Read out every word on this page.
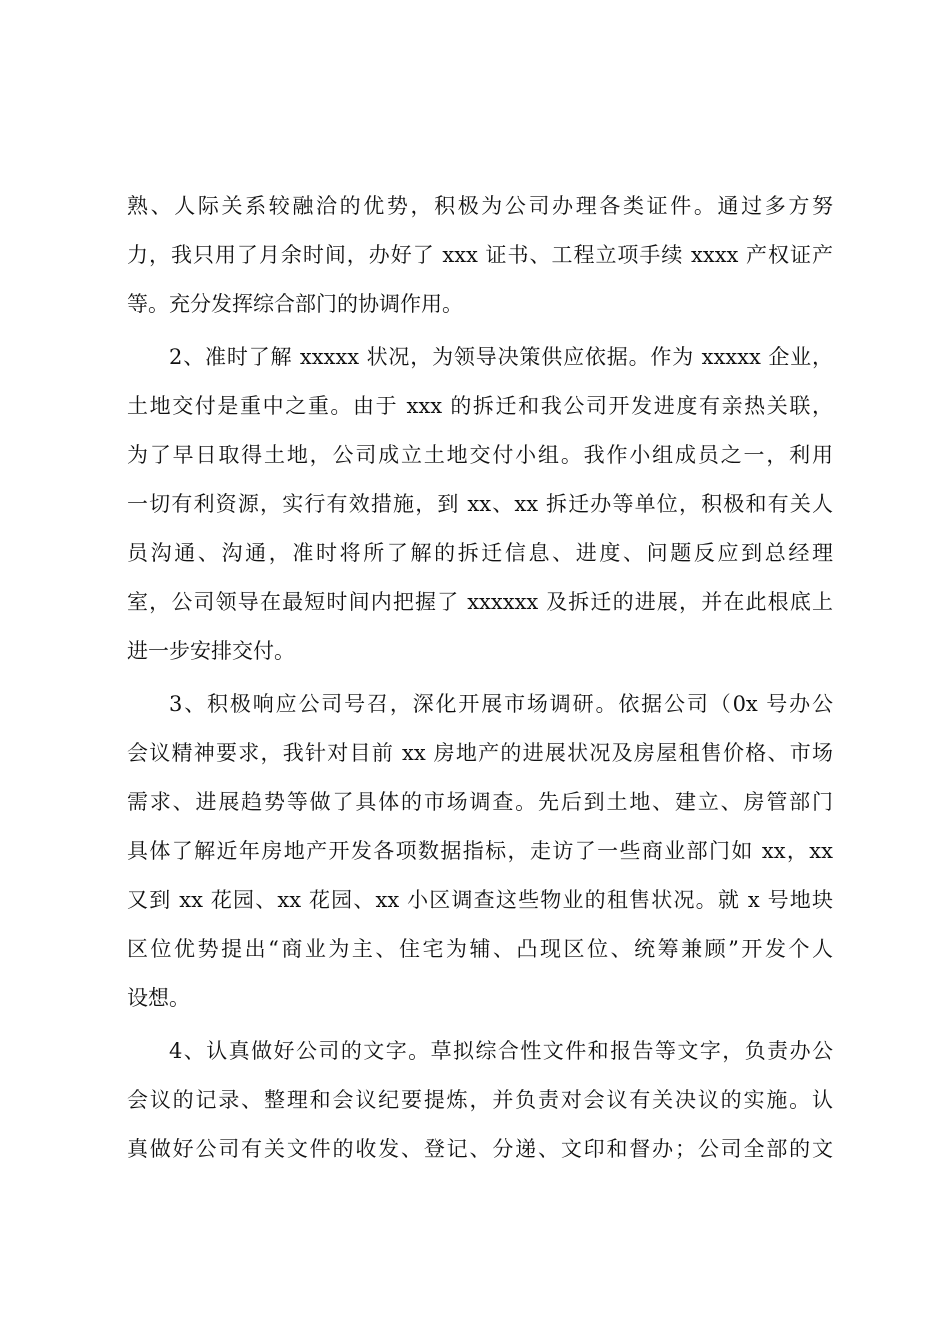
熟、人际关系较融洽的优势，积极为公司办理各类证件。通过多方努
力，我只用了月余时间，办好了 xxx 证书、工程立项手续 xxxx 产权证产
等。充分发挥综合部门的协调作用。
2、准时了解 xxxxx 状况，为领导决策供应依据。作为 xxxxx 企业，
土地交付是重中之重。由于 xxx 的拆迁和我公司开发进度有亲热关联，
为了早日取得土地，公司成立土地交付小组。我作小组成员之一，利用
一切有利资源，实行有效措施，到 xx、xx 拆迁办等单位，积极和有关人
员沟通、沟通，准时将所了解的拆迁信息、进度、问题反应到总经理
室，公司领导在最短时间内把握了 xxxxxx 及拆迁的进展，并在此根底上
进一步安排交付。
3、积极响应公司号召，深化开展市场调研。依据公司（0x 号办公
会议精神要求，我针对目前 xx 房地产的进展状况及房屋租售价格、市场
需求、进展趋势等做了具体的市场调查。先后到土地、建立、房管部门
具体了解近年房地产开发各项数据指标，走访了一些商业部门如 xx，xx
又到 xx 花园、xx 花园、xx 小区调查这些物业的租售状况。就 x 号地块
区位优势提出“商业为主、住宅为辅、凸现区位、统筹兼顾”开发个人
设想。
4、认真做好公司的文字。草拟综合性文件和报告等文字，负责办公
会议的记录、整理和会议纪要提炼，并负责对会议有关决议的实施。认
真做好公司有关文件的收发、登记、分递、文印和督办；公司全部的文
